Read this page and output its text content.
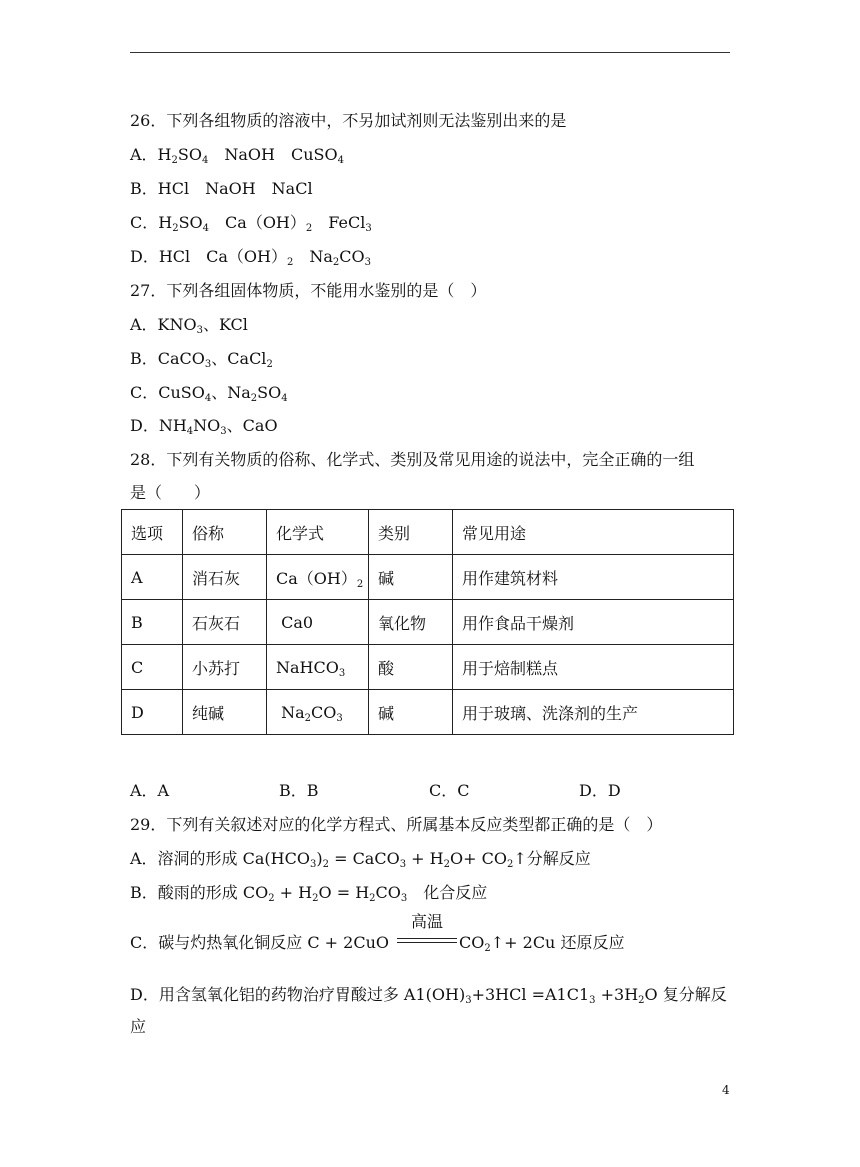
26．下列各组物质的溶液中，不另加试剂则无法鉴别出来的是
A．$H_2SO_4$　NaOH　CuSO$_4$
B．HCl　NaOH　NaCl
C．$H_2SO_4$　$Ca(OH)_2$　FeCl$_3$
D．HCl　$Ca(OH)_2$　$Na_2CO_3$
27．下列各组固体物质，不能用水鉴别的是（　）
A．$KNO_3$、KCl
B．CaCO$_3$、CaCl$_2$
C．CuSO$_4$、$Na_2SO_4$
D．$NH_4NO_3$、CaO
28．下列有关物质的俗称、化学式、类别及常见用途的说法中，完全正确的一组
是（　　）
选项	俗称	化学式	类别	常见用途
A	消石灰	$Ca(OH)_2$	碱	用作建筑材料
B	石灰石	Ca0	氧化物	用作食品干燥剂
C	小苏打	NaHCO$_3$	酸	用于焙制糕点
D	纯碱	$Na_2CO_3$	碱	用于玻璃、洗涤剂的生产
A．A	B．B	C．C	D．D
29．下列有关叙述对应的化学方程式、所属基本反应类型都正确的是（　）
A．溶洞的形成 $Ca(HCO_3)_2$ = CaCO$_3$ + $H_2O+$ $CO_2↑$分解反应
B．酸雨的形成 $CO_2 + H_2O = H_2CO_3$　化合反应
C．碳与灼热氧化铜反应 C + 2CuO
高温
$CO_2↑+ 2Cu$ 还原反应
D．用含氢氧化铝的药物治疗胃酸过多 $A1(OH)_3+3HCl =A1C1_3 +3H_2O$ 复分解反
应
4
